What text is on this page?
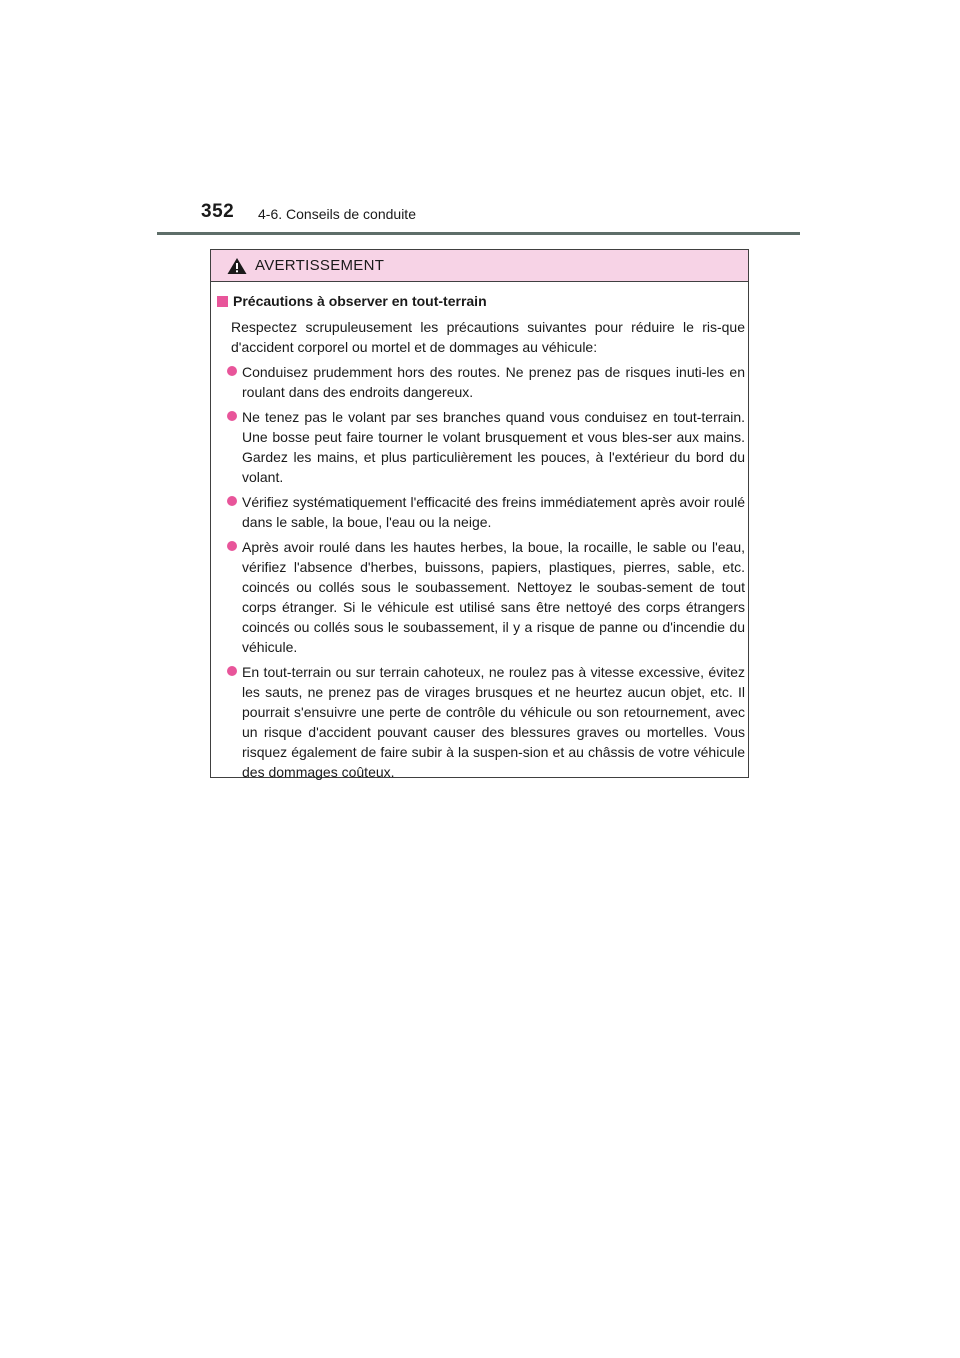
352 4-6. Conseils de conduite
AVERTISSEMENT
Précautions à observer en tout-terrain
Respectez scrupuleusement les précautions suivantes pour réduire le ris-que d'accident corporel ou mortel et de dommages au véhicule:
Conduisez prudemment hors des routes. Ne prenez pas de risques inuti-les en roulant dans des endroits dangereux.
Ne tenez pas le volant par ses branches quand vous conduisez en tout-terrain. Une bosse peut faire tourner le volant brusquement et vous bles-ser aux mains. Gardez les mains, et plus particulièrement les pouces, à l'extérieur du bord du volant.
Vérifiez systématiquement l'efficacité des freins immédiatement après avoir roulé dans le sable, la boue, l'eau ou la neige.
Après avoir roulé dans les hautes herbes, la boue, la rocaille, le sable ou l'eau, vérifiez l'absence d'herbes, buissons, papiers, plastiques, pierres, sable, etc. coincés ou collés sous le soubassement. Nettoyez le soubas-sement de tout corps étranger. Si le véhicule est utilisé sans être nettoyé des corps étrangers coincés ou collés sous le soubassement, il y a risque de panne ou d'incendie du véhicule.
En tout-terrain ou sur terrain cahoteux, ne roulez pas à vitesse excessive, évitez les sauts, ne prenez pas de virages brusques et ne heurtez aucun objet, etc. Il pourrait s'ensuivre une perte de contrôle du véhicule ou son retournement, avec un risque d'accident pouvant causer des blessures graves ou mortelles. Vous risquez également de faire subir à la suspen-sion et au châssis de votre véhicule des dommages coûteux.
